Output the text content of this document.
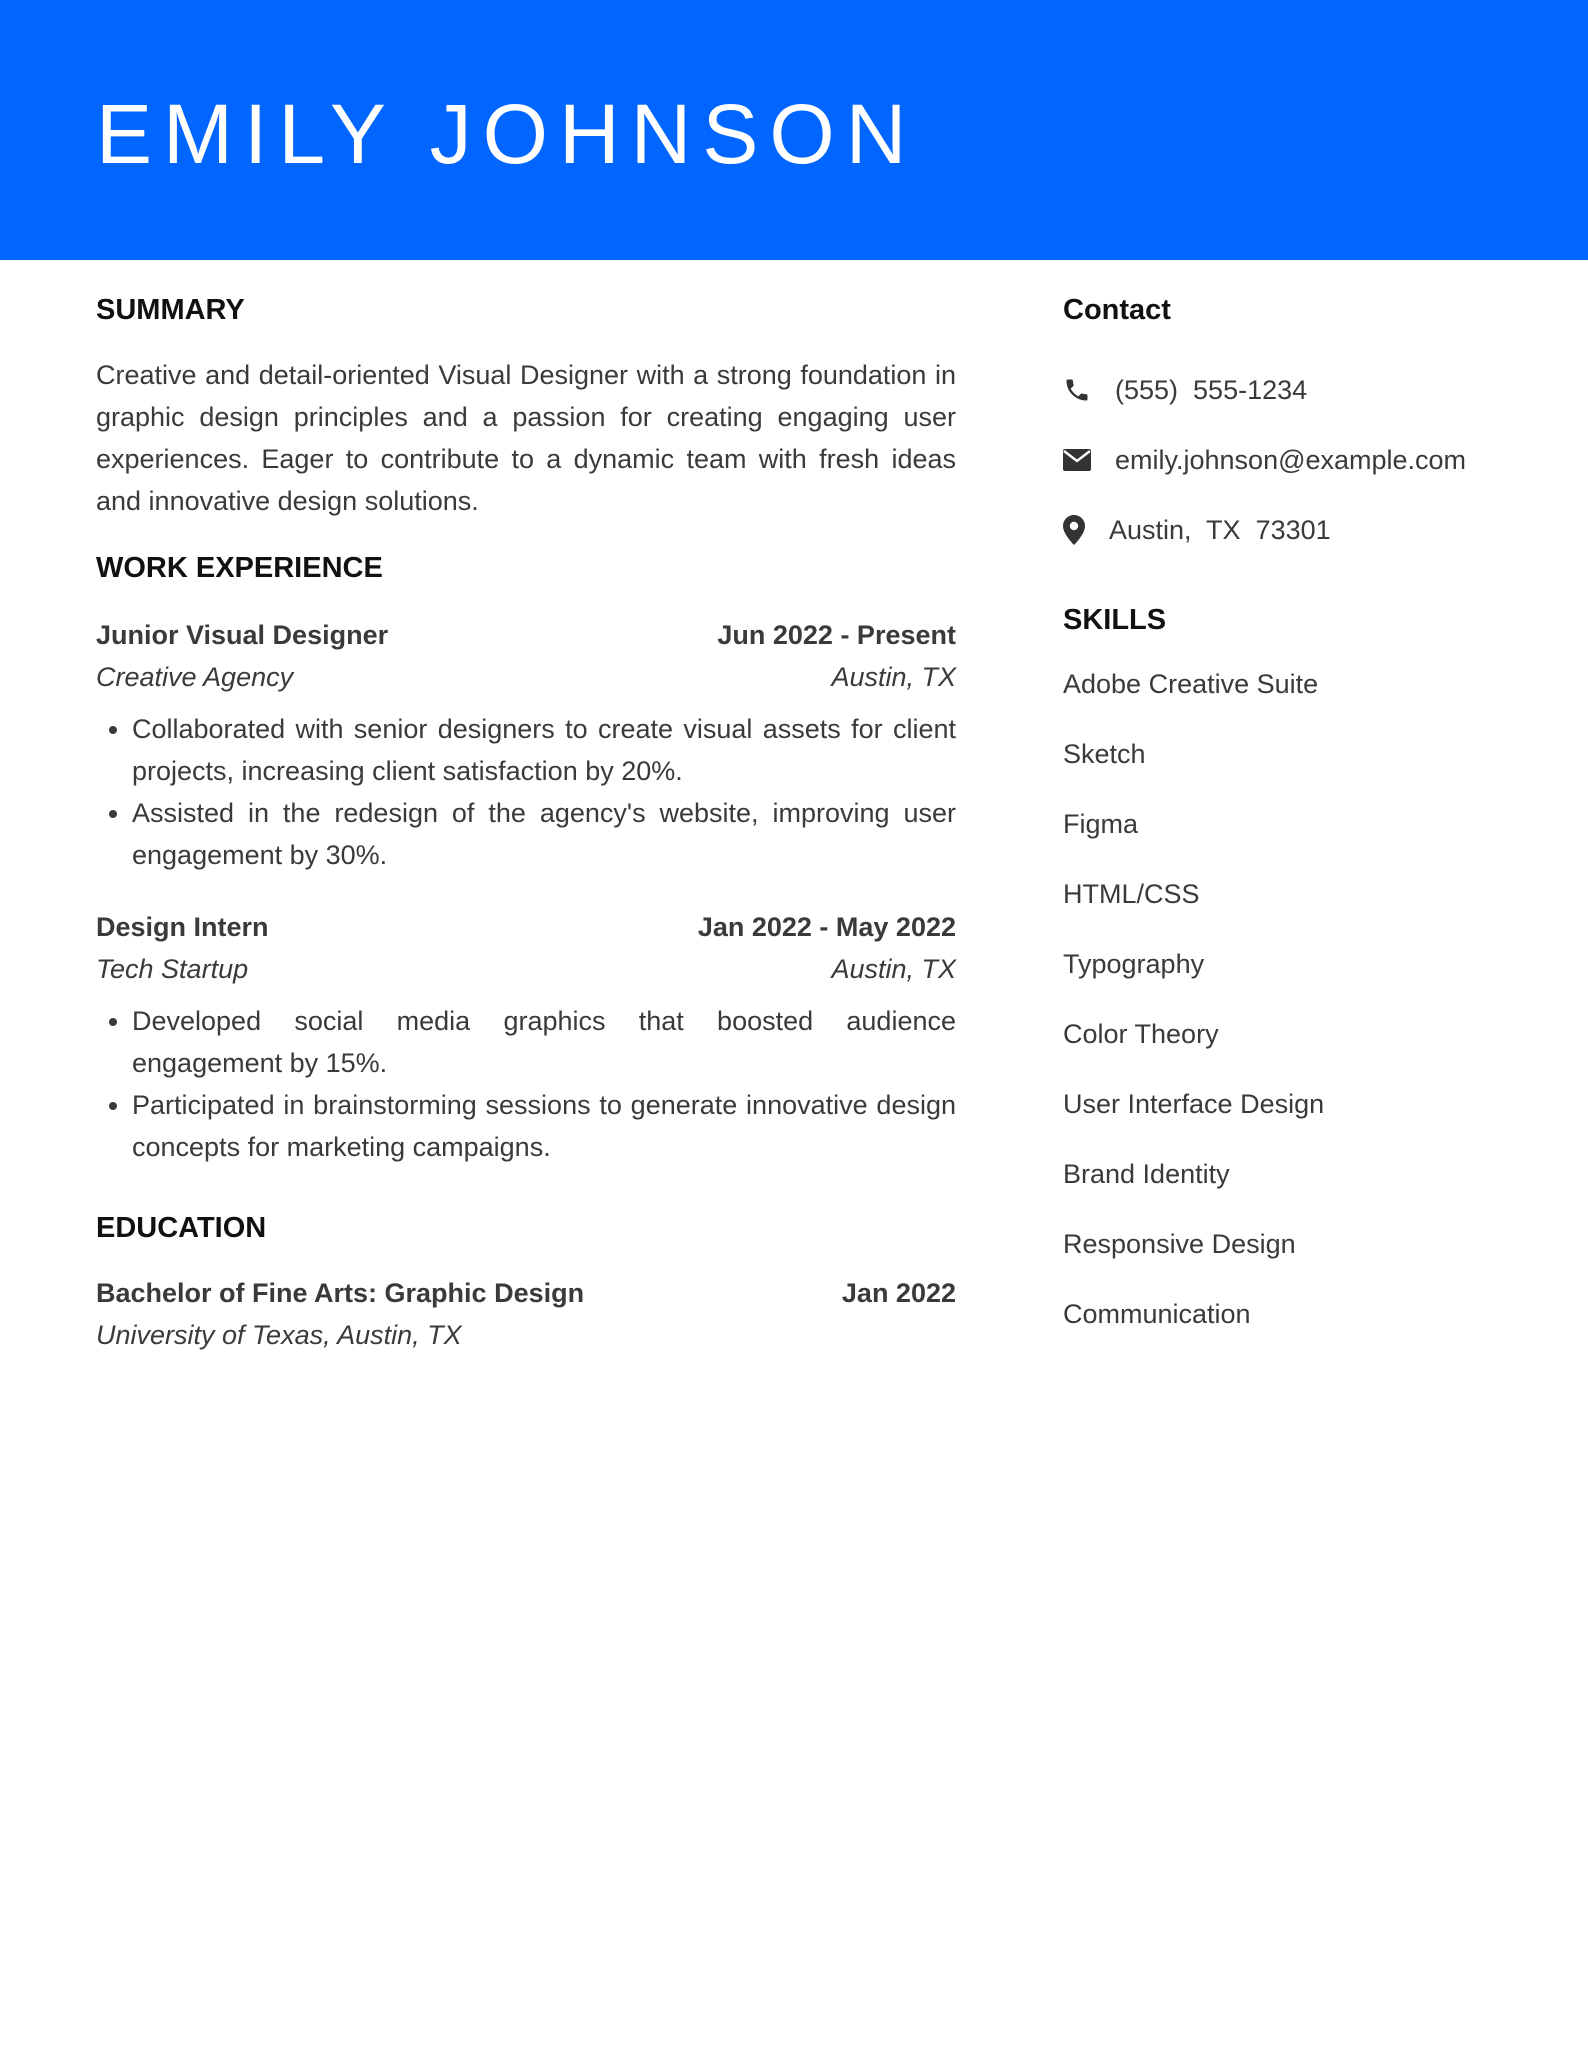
EMILY JOHNSON
SUMMARY

Creative and detail-oriented Visual Designer with a strong foundation in graphic design principles and a passion for creating engaging user experiences. Eager to contribute to a dynamic team with fresh ideas and innovative design solutions.

WORK EXPERIENCE
Junior Visual Designer	Jun 2022 - Present
Creative Agency	Austin, TX
• Collaborated with senior designers to create visual assets for client projects, increasing client satisfaction by 20%.
• Assisted in the redesign of the agency's website, improving user engagement by 30%.
Design Intern	Jan 2022 - May 2022
Tech Startup	Austin, TX
• Developed social media graphics that boosted audience engagement by 15%.
• Participated in brainstorming sessions to generate innovative design concepts for marketing campaigns.
EDUCATION
Bachelor of Fine Arts: Graphic Design	Jan 2022
University of Texas, Austin, TX
Contact
(555)  555-1234
emily.johnson@example.com
Austin,  TX  73301
SKILLS
Adobe Creative Suite
Sketch
Figma
HTML/CSS
Typography
Color Theory
User Interface Design
Brand Identity
Responsive Design
Communication
